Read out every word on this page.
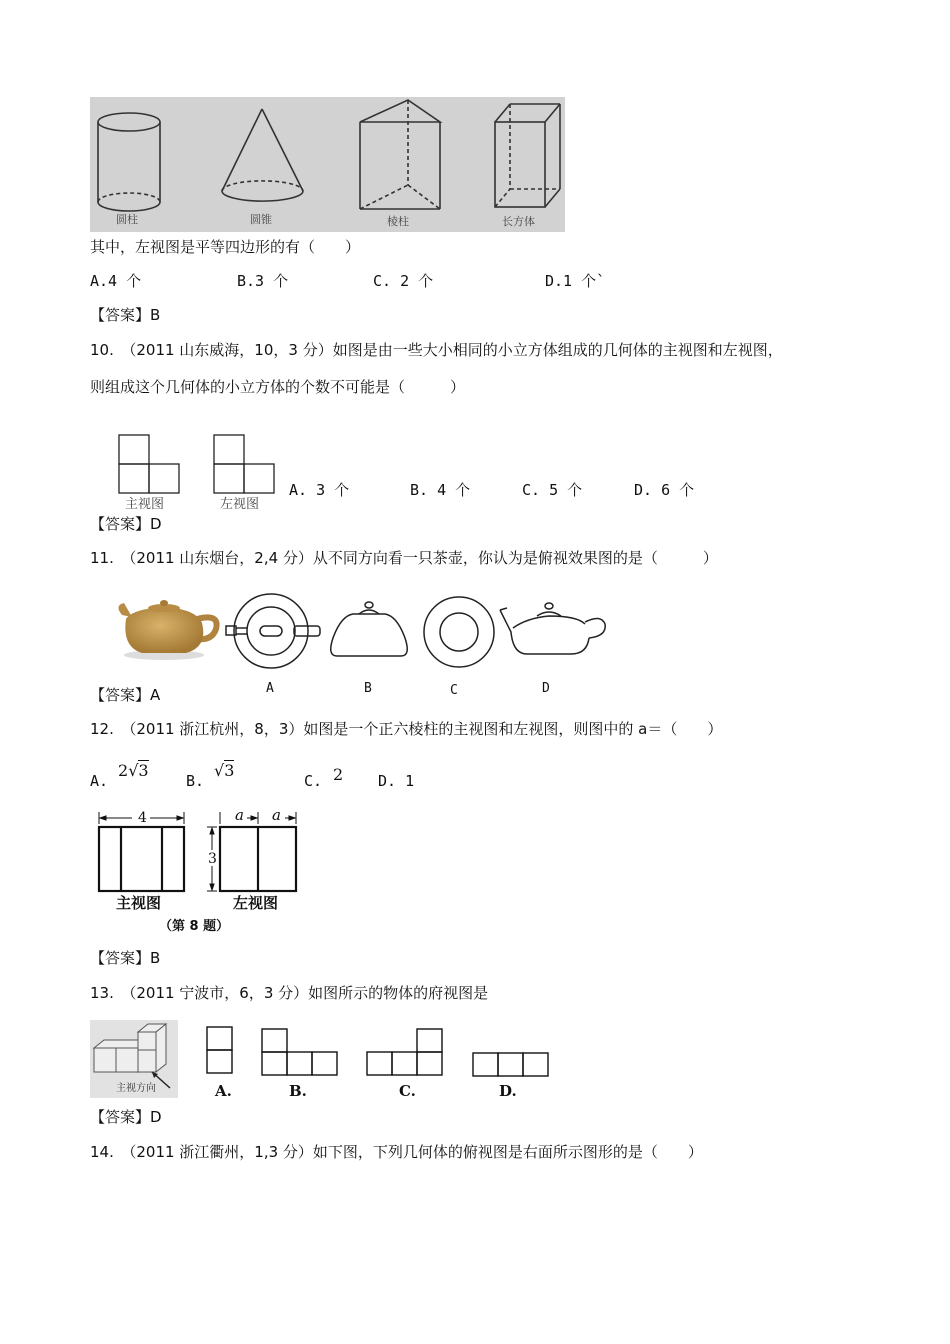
圆柱	圆锥	棱柱	长方体
其中，左视图是平等四边形的有（　　）
A.4 个	B.3 个	C. 2 个	D.1 个`
【答案】B
10.　（2011 山东威海，10，3 分）如图是由一些大小相同的小立方体组成的几何体的主视图和左视图，
则组成这个几何体的小立方体的个数不可能是（　　　）
主视图	左视图
A. 3 个	B. 4 个	C. 5 个	D. 6 个
【答案】D
11.　（2011 山东烟台，2,4 分）从不同方向看一只茶壶，你认为是俯视效果图的是（　　　）
A	B	C	D
【答案】A
12.　（2011 浙江杭州，8，3）如图是一个正六棱柱的主视图和左视图，则图中的 a＝（　　）
A.
2√3
B.
√3
C. 2 D. 1
4	a a
3
主视图	左视图
（第 8 题）
【答案】B
13.　（2011 宁波市，6，3 分）如图所示的物体的府视图是
主视方向	A.	B.	C.	D.
【答案】D
14.　（2011 浙江衢州，1,3 分）如下图，下列几何体的俯视图是右面所示图形的是（　　）
